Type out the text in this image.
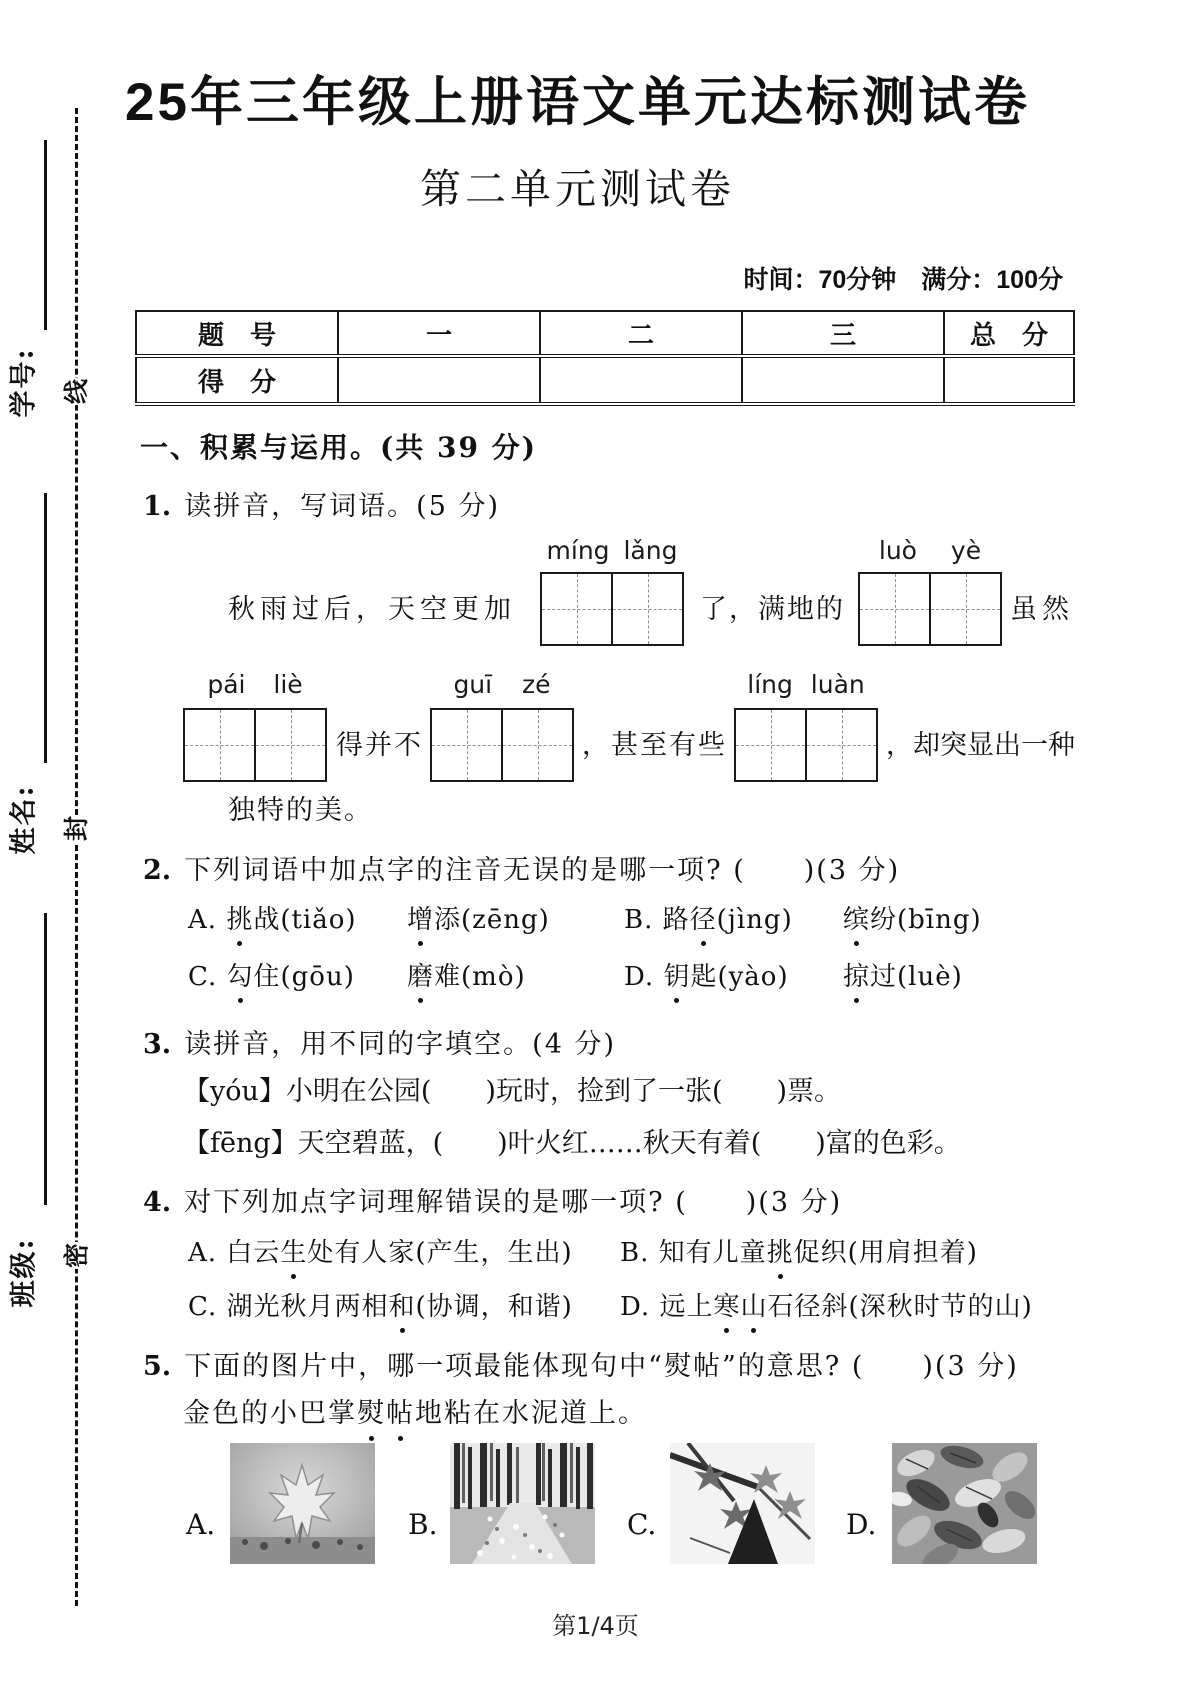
学号:
姓名:
班级:
线
封
密
25年三年级上册语文单元达标测试卷
第二单元测试卷
时间：70分钟　满分：100分
题　号	一	二	三	总　分
得　分				
一、积累与运用。(共 39 分)
1. 读拼音，写词语。(5 分)
míng lǎng	luò yè
秋雨过后，天空更加	了，满地的	虽然
pái liè	guī zé	líng luàn
得并不	，甚至有些	，却突显出一种
独特的美。
2. 下列词语中加点字的注音无误的是哪一项? (　　)(3 分)
A. 挑战(tiǎo) 增添(zēng)	B. 路径(jìng) 缤纷(bīng)
C. 勾住(gōu) 磨难(mò)	D. 钥匙(yào) 掠过(luè)
3. 读拼音，用不同的字填空。(4 分)
【yóu】小明在公园(　　)玩时，捡到了一张(　　)票。
【fēng】天空碧蓝，(　　)叶火红……秋天有着(　　)富的色彩。
4. 对下列加点字词理解错误的是哪一项? (　　)(3 分)
A. 白云生处有人家(产生，生出) B. 知有儿童挑促织(用肩担着)
C. 湖光秋月两相和(协调，和谐) D. 远上寒山石径斜(深秋时节的山)
5. 下面的图片中，哪一项最能体现句中“熨帖”的意思? (　　)(3 分)
金色的小巴掌熨帖地粘在水泥道上。
A.	B.	C.	D.
第1/4页
